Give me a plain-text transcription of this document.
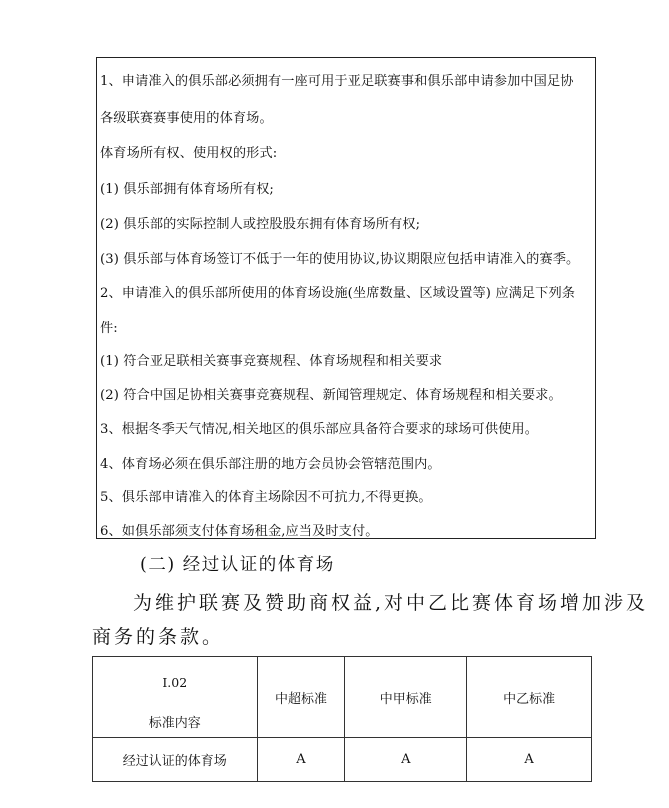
1、申请准入的俱乐部必须拥有一座可用于亚足联赛事和俱乐部申请参加中国足协
各级联赛赛事使用的体育场。
体育场所有权、使用权的形式:
(1) 俱乐部拥有体育场所有权;
(2) 俱乐部的实际控制人或控股股东拥有体育场所有权;
(3) 俱乐部与体育场签订不低于一年的使用协议,协议期限应包括申请准入的赛季。
2、申请准入的俱乐部所使用的体育场设施(坐席数量、区域设置等) 应满足下列条
件:
(1) 符合亚足联相关赛事竞赛规程、体育场规程和相关要求
(2) 符合中国足协相关赛事竞赛规程、新闻管理规定、体育场规程和相关要求。
3、根据冬季天气情况,相关地区的俱乐部应具备符合要求的球场可供使用。
4、体育场必须在俱乐部注册的地方会员协会管辖范围内。
5、俱乐部申请准入的体育主场除因不可抗力,不得更换。
6、如俱乐部须支付体育场租金,应当及时支付。
(二) 经过认证的体育场
为维护联赛及赞助商权益,对中乙比赛体育场增加涉及
商务的条款。
I.02
标准内容	中超标准	中甲标准	中乙标准
经过认证的体育场	A	A	A
